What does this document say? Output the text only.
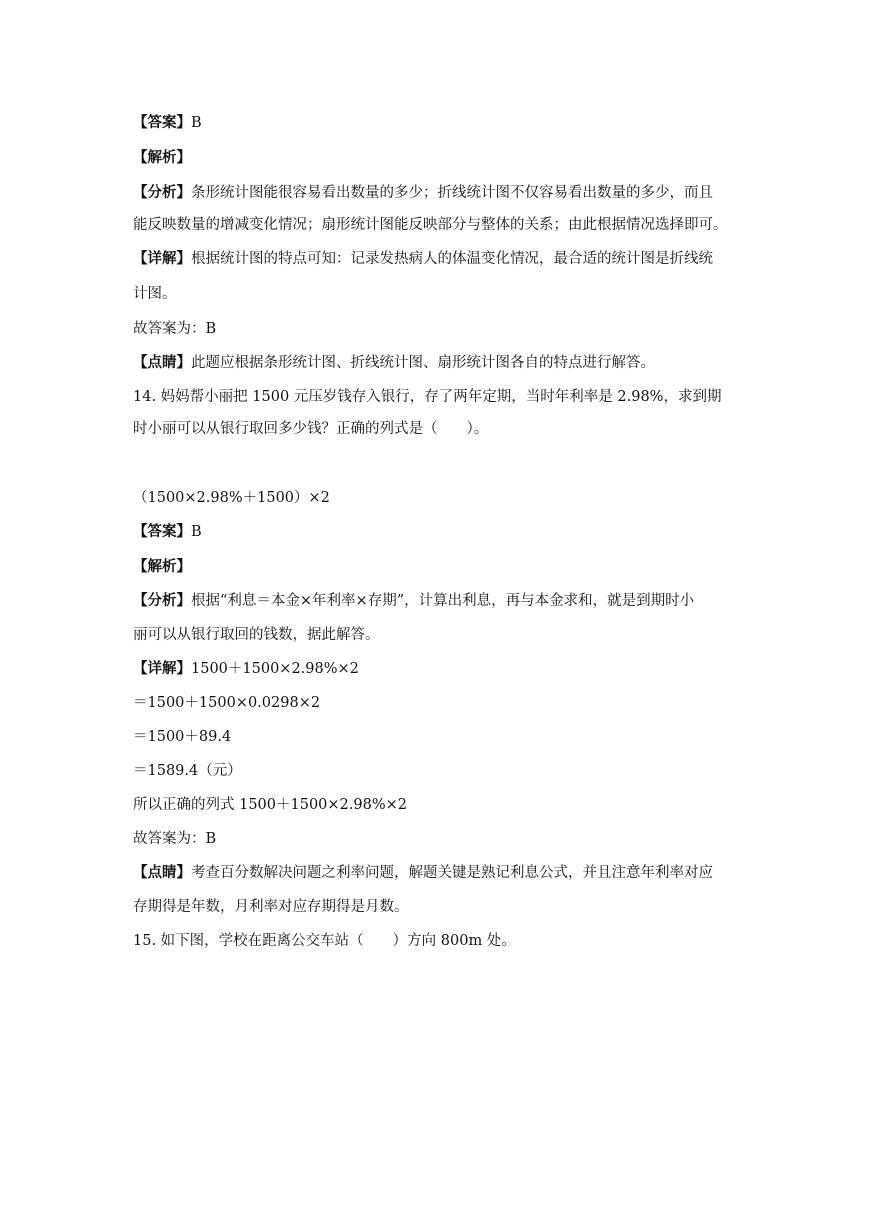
【答案】B
【解析】
【分析】条形统计图能很容易看出数量的多少；折线统计图不仅容易看出数量的多少，而且
能反映数量的增减变化情况；扇形统计图能反映部分与整体的关系；由此根据情况选择即可。
【详解】根据统计图的特点可知：记录发热病人的体温变化情况，最合适的统计图是折线统
计图。
故答案为：B
【点睛】此题应根据条形统计图、折线统计图、扇形统计图各自的特点进行解答。
14. 妈妈帮小丽把 1500 元压岁钱存入银行，存了两年定期，当时年利率是 2.98%，求到期
时小丽可以从银行取回多少钱？正确的列式是（　　）。
（1500×2.98%＋1500）×2
【答案】B
【解析】
【分析】根据“利息＝本金×年利率×存期”，计算出利息，再与本金求和，就是到期时小
丽可以从银行取回的钱数，据此解答。
【详解】1500＋1500×2.98%×2
＝1500＋1500×0.0298×2
＝1500＋89.4
＝1589.4（元）
所以正确的列式 1500＋1500×2.98%×2
故答案为：B
【点睛】考查百分数解决问题之利率问题，解题关键是熟记利息公式，并且注意年利率对应
存期得是年数，月利率对应存期得是月数。
15. 如下图，学校在距离公交车站（　　）方向 800m 处。
